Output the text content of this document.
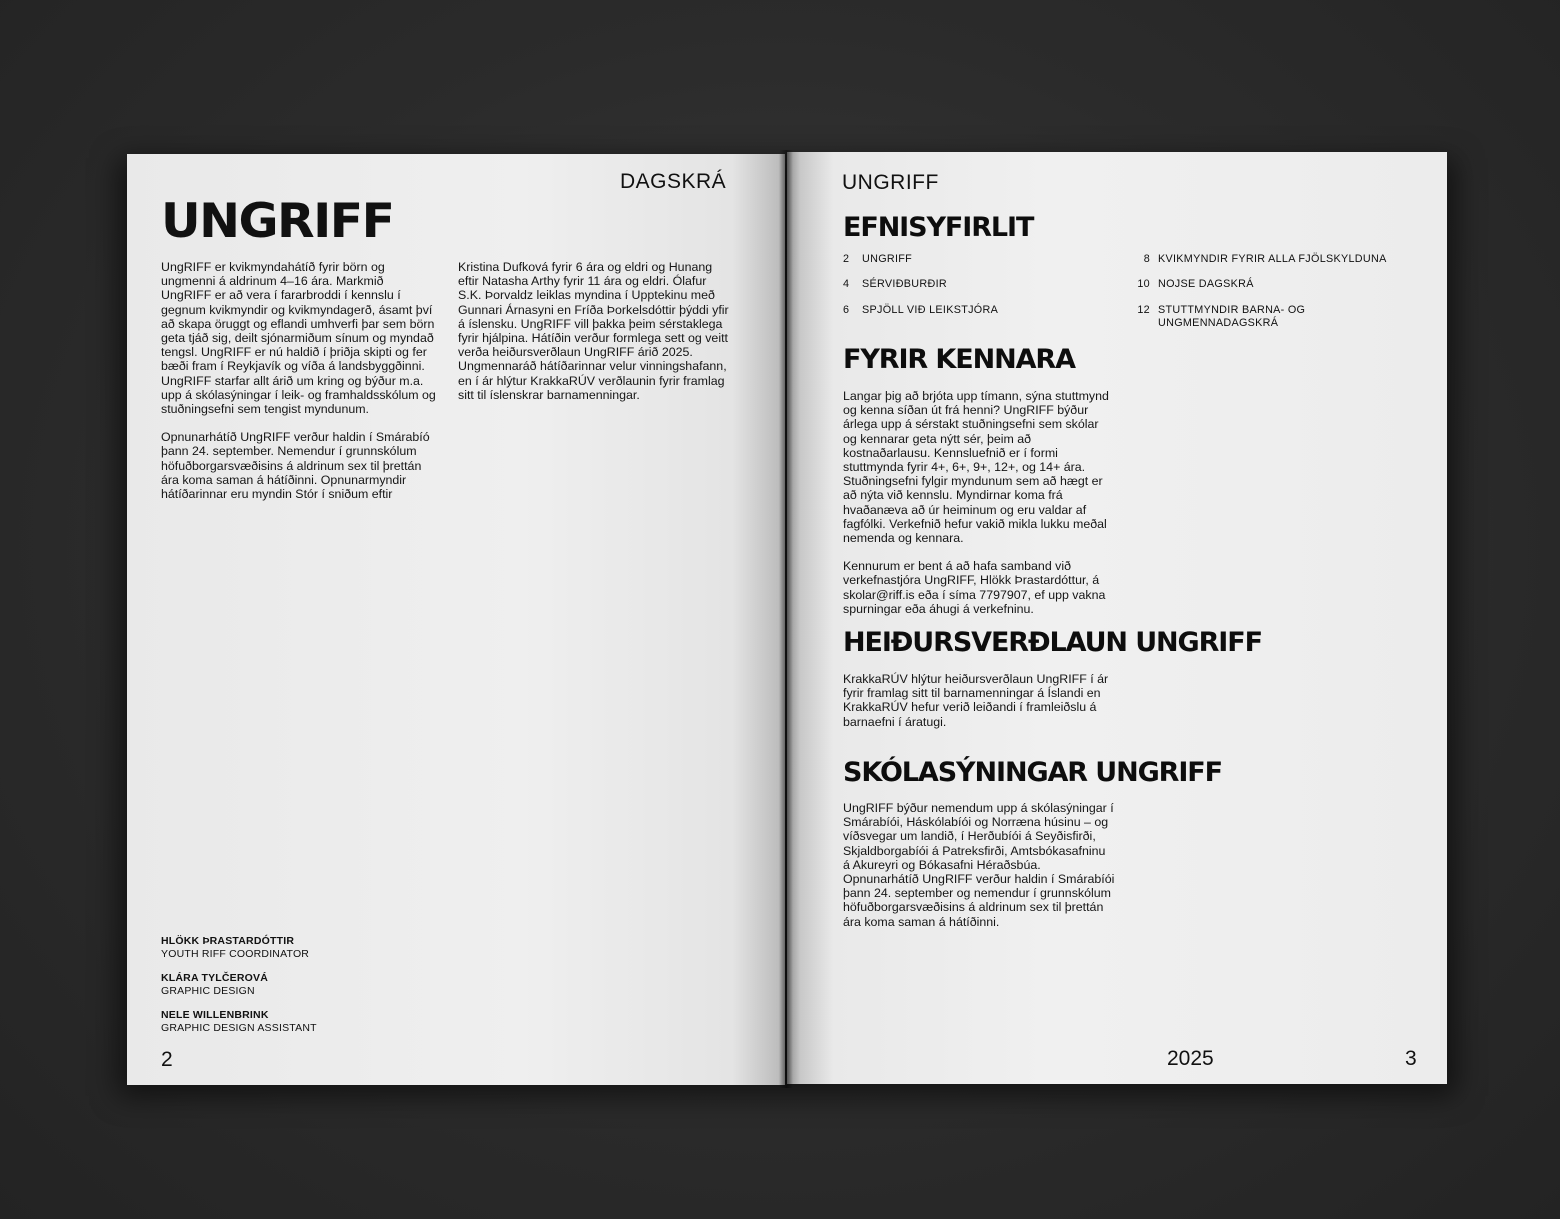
DAGSKRÁ
UNGRIFF

UngRIFF er kvikmyndahátíð fyrir börn og ungmenni á aldrinum 4–16 ára. Markmið UngRIFF er að vera í fararbroddi í kennslu í gegnum kvikmyndir og kvikmyndagerð, ásamt því að skapa öruggt og eflandi umhverfi þar sem börn geta tjáð sig, deilt sjónarmiðum sínum og myndað tengsl. UngRIFF er nú haldið í þriðja skipti og fer bæði fram í Reykjavík og víða á landsbyggðinni. UngRIFF starfar allt árið um kring og býður m.a. upp á skólasýningar í leik- og framhaldsskólum og stuðningsefni sem tengist myndunum.

Opnunarhátíð UngRIFF verður haldin í Smárabíó þann 24. september. Nemendur í grunnskólum höfuðborgarsvæðisins á aldrinum sex til þrettán ára koma saman á hátíðinni. Opnunarmyndir hátíðarinnar eru myndin Stór í sniðum eftir

Kristina Dufková fyrir 6 ára og eldri og Hunang eftir Natasha Arthy fyrir 11 ára og eldri. Ólafur S.K. Þorvaldz leiklas myndina í Upptekinu með Gunnari Árnasyni en Fríða Þorkelsdóttir þýddi yfir á íslensku. UngRIFF vill þakka þeim sérstaklega fyrir hjálpina. Hátíðin verður formlega sett og veitt verða heiðursverðlaun UngRIFF árið 2025. Ungmennaráð hátíðarinnar velur vinningshafann, en í ár hlýtur KrakkaRÚV verðlaunin fyrir framlag sitt til íslenskrar barnamenningar.

HLÖKK ÞRASTARDÓTTIR
YOUTH RIFF COORDINATOR
KLÁRA TYLČEROVÁ
GRAPHIC DESIGN
NELE WILLENBRINK
GRAPHIC DESIGN ASSISTANT
2
UNGRIFF
EFNISYFIRLIT
2 UNGRIFF
4 SÉRVIÐBURÐIR
6 SPJÖLL VIÐ LEIKSTJÓRA
8 KVIKMYNDIR FYRIR ALLA FJÖLSKYLDUNA
10 NOJSE DAGSKRÁ
12 STUTTMYNDIR BARNA- OG UNGMENNADAGSKRÁ
FYRIR KENNARA

Langar þig að brjóta upp tímann, sýna stuttmynd og kenna síðan út frá henni? UngRIFF býður árlega upp á sérstakt stuðningsefni sem skólar og kennarar geta nýtt sér, þeim að kostnaðarlausu. Kennsluefnið er í formi stuttmynda fyrir 4+, 6+, 9+, 12+, og 14+ ára. Stuðningsefni fylgir myndunum sem að hægt er að nýta við kennslu. Myndirnar koma frá hvaðanæva að úr heiminum og eru valdar af fagfólki. Verkefnið hefur vakið mikla lukku meðal nemenda og kennara.

Kennurum er bent á að hafa samband við verkefnastjóra UngRIFF, Hlökk Þrastardóttur, á skolar@riff.is eða í síma 7797907, ef upp vakna spurningar eða áhugi á verkefninu.

HEIÐURSVERÐLAUN UNGRIFF

KrakkaRÚV hlýtur heiðursverðlaun UngRIFF í ár fyrir framlag sitt til barnamenningar á Íslandi en KrakkaRÚV hefur verið leiðandi í framleiðslu á barnaefni í áratugi.

SKÓLASÝNINGAR UNGRIFF

UngRIFF býður nemendum upp á skólasýningar í Smárabíói, Háskólabíói og Norræna húsinu – og víðsvegar um landið, í Herðubíói á Seyðisfirði, Skjaldborgabíói á Patreksfirði, Amtsbókasafninu á Akureyri og Bókasafni Héraðsbúa. Opnunarhátíð UngRIFF verður haldin í Smárabíói þann 24. september og nemendur í grunnskólum höfuðborgarsvæðisins á aldrinum sex til þrettán ára koma saman á hátíðinni.

2025	3
